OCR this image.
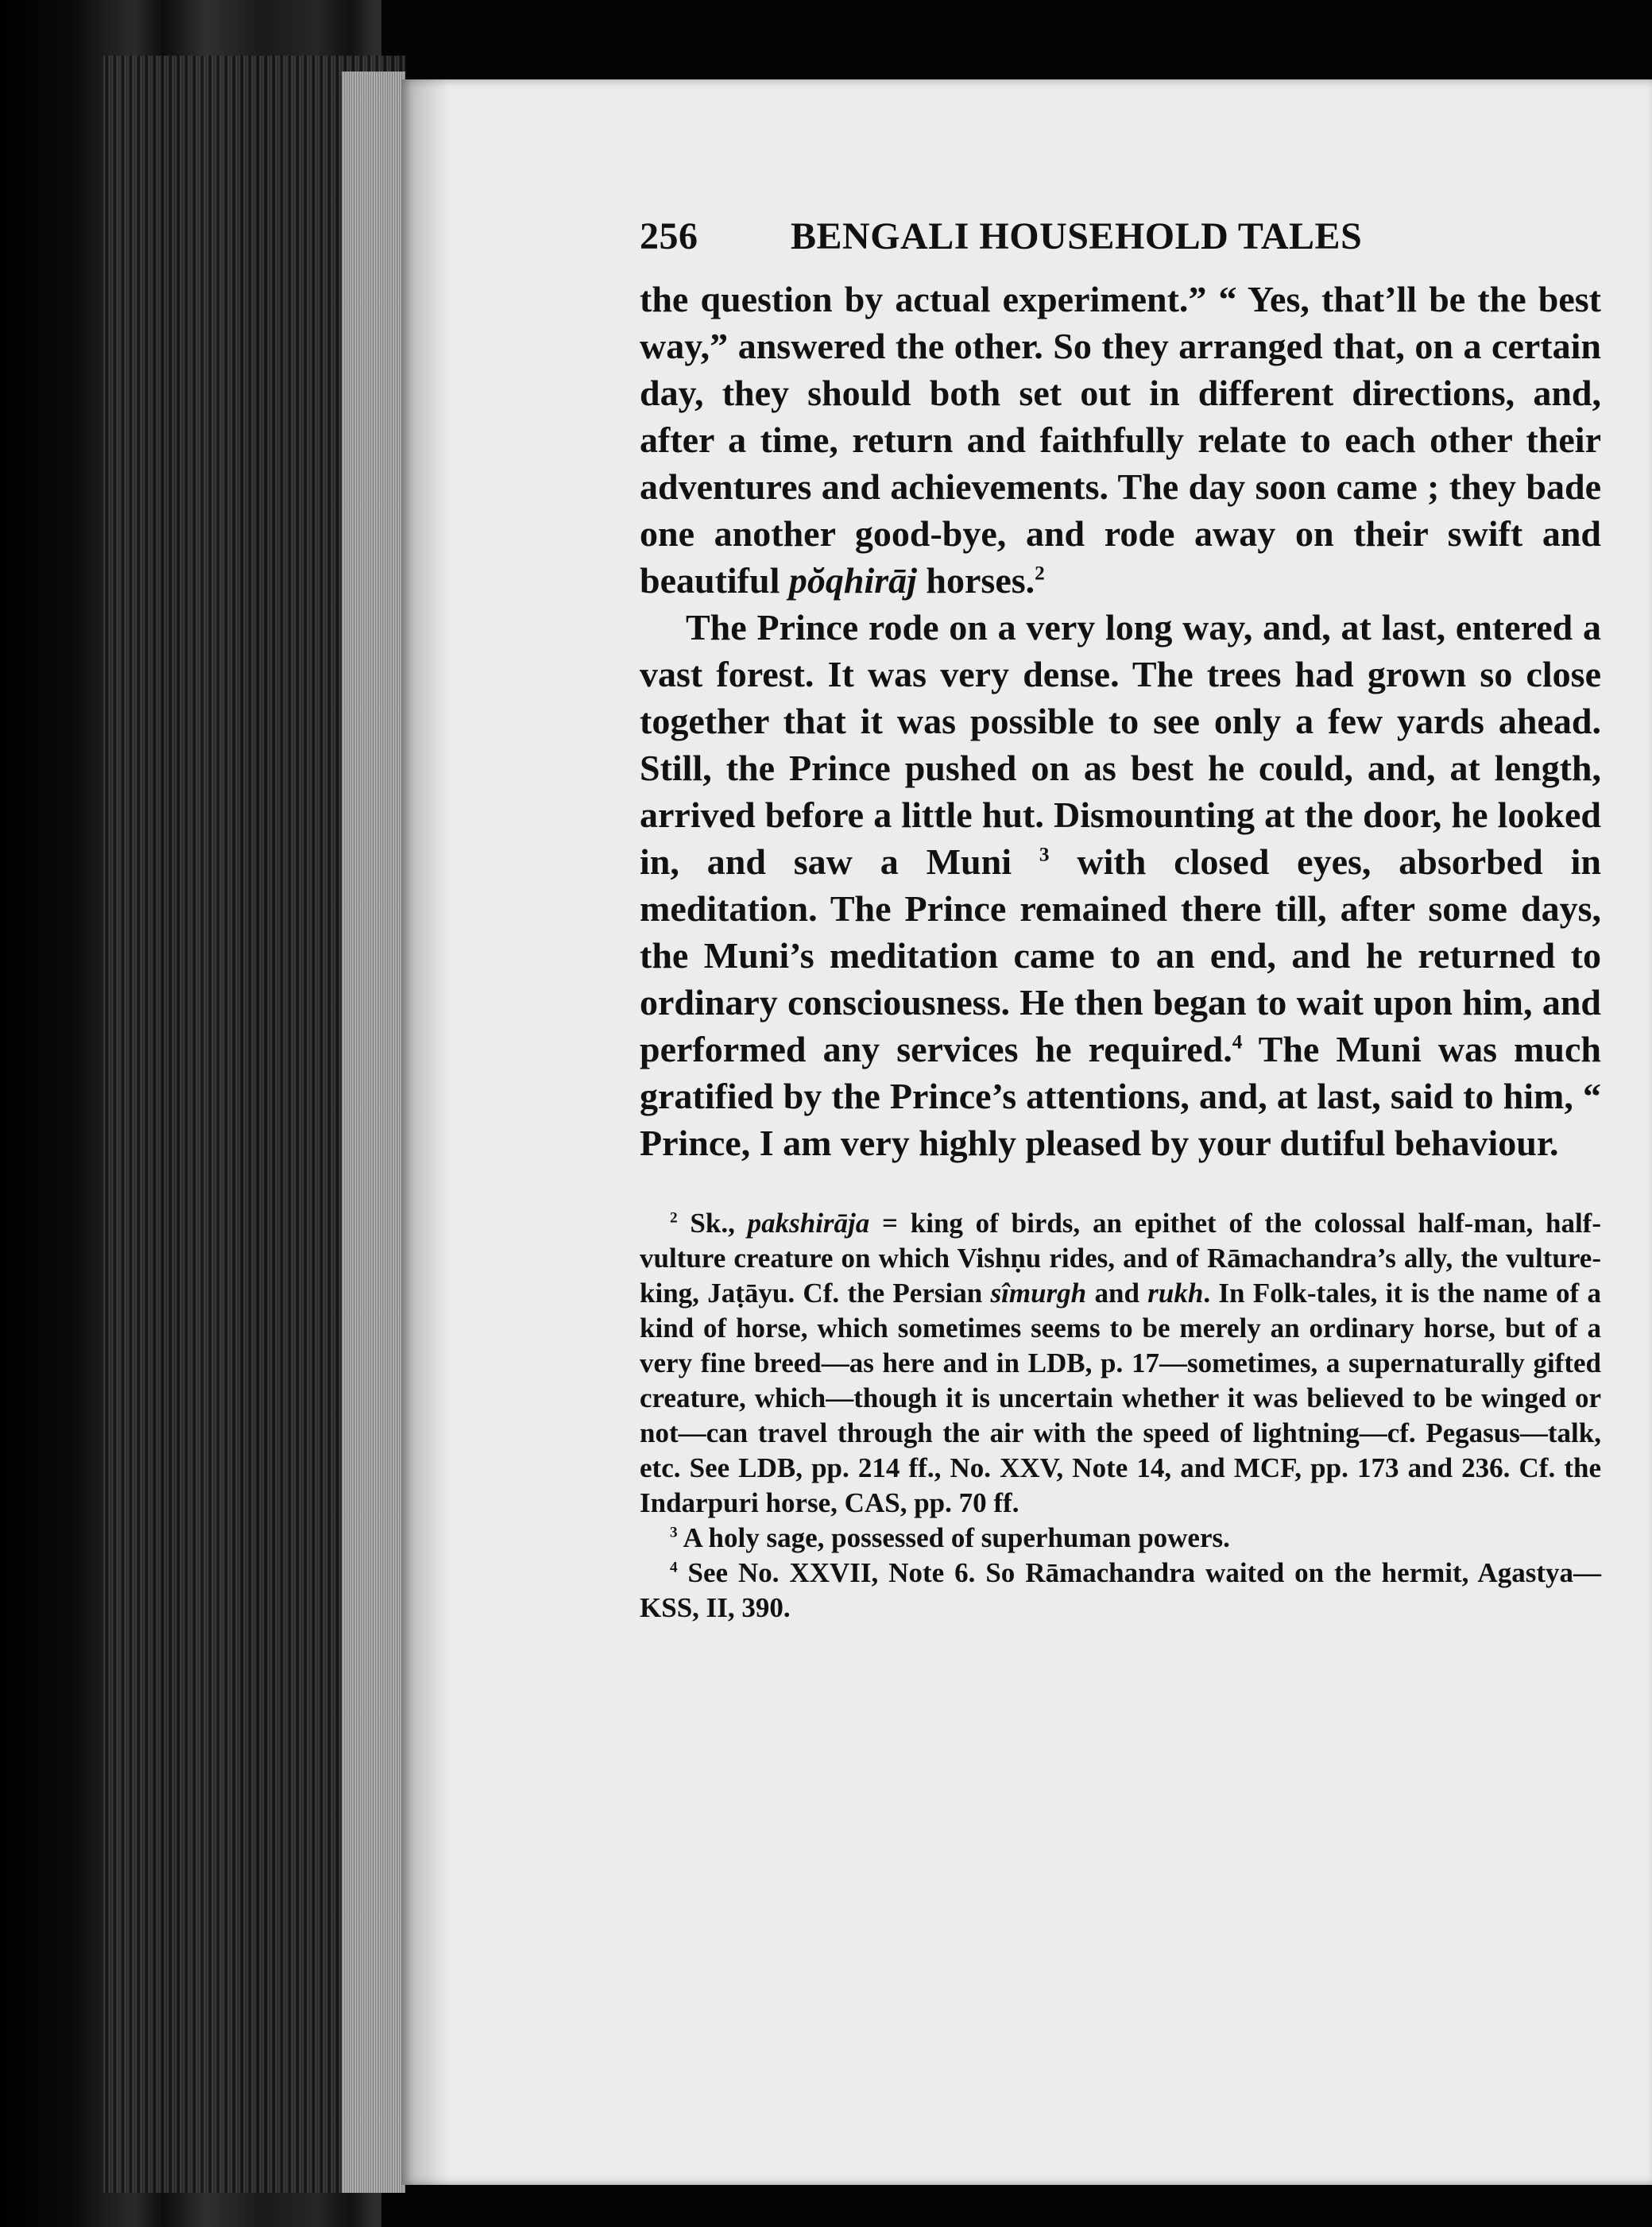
256	BENGALI HOUSEHOLD TALES

the question by actual experiment.” “ Yes, that’ll be the best way,” answered the other. So they arranged that, on a certain day, they should both set out in different directions, and, after a time, return and faithfully relate to each other their adventures and achievements. The day soon came ; they bade one another good-bye, and rode away on their swift and beautiful pŏqhirāj horses.$^2$

The Prince rode on a very long way, and, at last, entered a vast forest. It was very dense. The trees had grown so close together that it was possible to see only a few yards ahead. Still, the Prince pushed on as best he could, and, at length, arrived before a little hut. Dismounting at the door, he looked in, and saw a Muni $^3$ with closed eyes, absorbed in meditation. The Prince remained there till, after some days, the Muni’s meditation came to an end, and he returned to ordinary consciousness. He then began to wait upon him, and performed any services he required.$^4$ The Muni was much gratified by the Prince’s attentions, and, at last, said to him, “ Prince, I am very highly pleased by your dutiful behaviour.

$^2$ Sk., pakshirāja = king of birds, an epithet of the colossal half-man, half-vulture creature on which Vishṇu rides, and of Rāmachandra’s ally, the vulture-king, Jaṭāyu. Cf. the Persian sîmurgh and rukh. In Folk-tales, it is the name of a kind of horse, which sometimes seems to be merely an ordinary horse, but of a very fine breed—as here and in LDB, p. 17—sometimes, a supernaturally gifted creature, which—though it is uncertain whether it was believed to be winged or not—can travel through the air with the speed of lightning—cf. Pegasus—talk, etc. See LDB, pp. 214 ff., No. XXV, Note 14, and MCF, pp. 173 and 236. Cf. the Indarpuri horse, CAS, pp. 70 ff.

$^3$ A holy sage, possessed of superhuman powers.

$^4$ See No. XXVII, Note 6. So Rāmachandra waited on the hermit, Agastya—KSS, II, 390.
